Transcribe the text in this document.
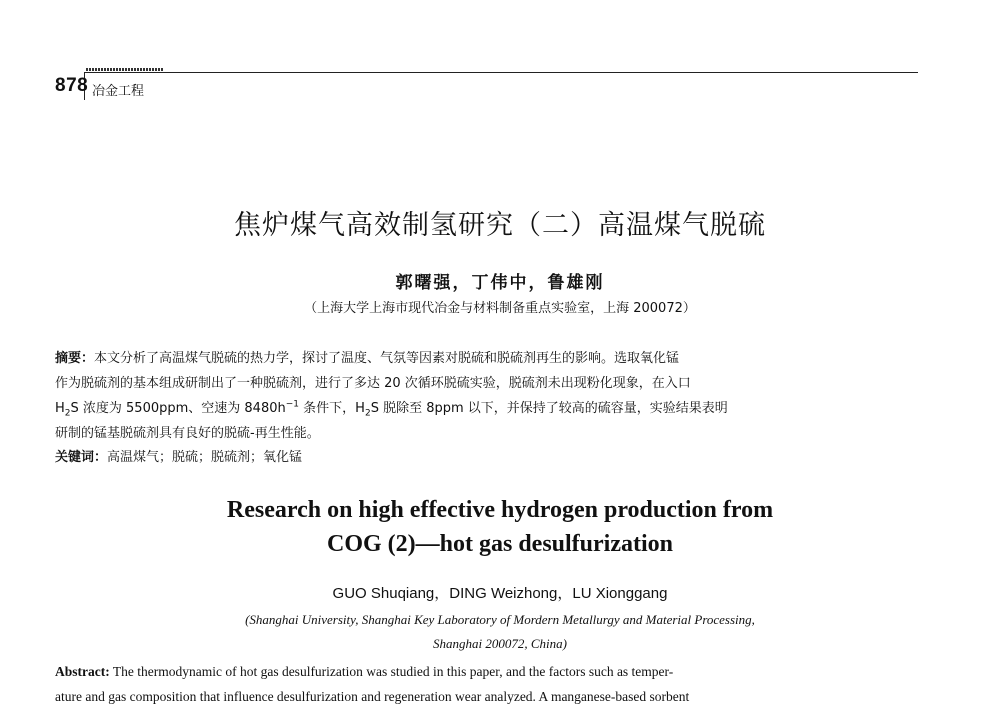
878 冶金工程
焦炉煤气高效制氢研究（二）高温煤气脱硫
郭曙强，丁伟中，鲁雄刚
（上海大学上海市现代冶金与材料制备重点实验室，上海 200072）
摘要：本文分析了高温煤气脱硫的热力学，探讨了温度、气氛等因素对脱硫和脱硫剂再生的影响。选取氧化锰
作为脱硫剂的基本组成研制出了一种脱硫剂，进行了多达 20 次循环脱硫实验，脱硫剂未出现粉化现象，在入口
$H_2S$ 浓度为 5500ppm、空速为 $8480h^{-1}$ 条件下，$H_2S$ 脱除至 8ppm 以下，并保持了较高的硫容量，实验结果表明
研制的锰基脱硫剂具有良好的脱硫-再生性能。
关键词：高温煤气；脱硫；脱硫剂；氧化锰
Research on high effective hydrogen production from
COG (2)—hot gas desulfurization
GUO Shuqiang，DING Weizhong，LU Xionggang
(Shanghai University, Shanghai Key Laboratory of Mordern Metallurgy and Material Processing,
Shanghai 200072, China)
Abstract: The thermodynamic of hot gas desulfurization was studied in this paper, and the factors such as temper-
ature and gas composition that influence desulfurization and regeneration wear analyzed. A manganese-based sorbent
